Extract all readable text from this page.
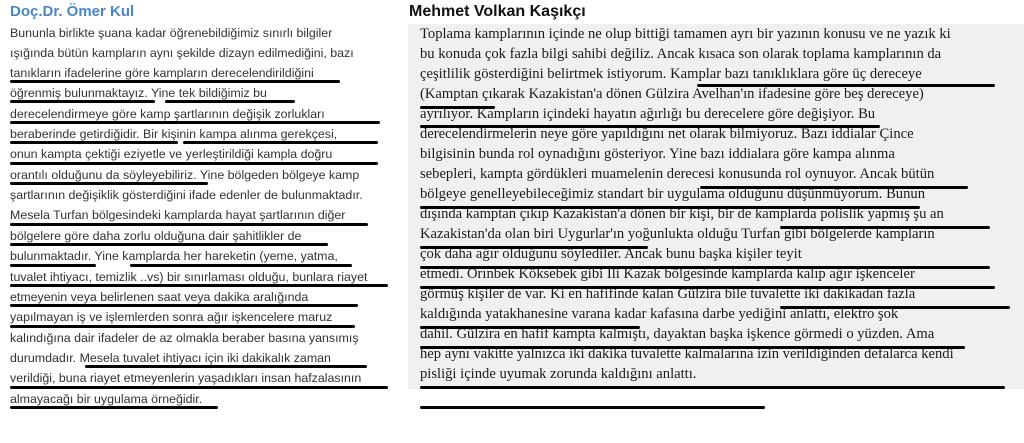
Doç.Dr. Ömer Kul
Bununla birlikte şuana kadar öğrenebildiğimiz sınırlı bilgiler
ışığında bütün kampların aynı şekilde dizayn edilmediğini, bazı
tanıkların ifadelerine göre kampların derecelendirildiğini
öğrenmiş bulunmaktayız. Yine tek bildiğimiz bu
derecelendirmeye göre kamp şartlarının değişik zorlukları
beraberinde getirdiğidir. Bir kişinin kampa alınma gerekçesi,
onun kampta çektiği eziyetle ve yerleştirildiği kampla doğru
orantılı olduğunu da söyleyebiliriz. Yine bölgeden bölgeye kamp
şartlarının değişiklik gösterdiğini ifade edenler de bulunmaktadır.
Mesela Turfan bölgesindeki kamplarda hayat şartlarının diğer
bölgelere göre daha zorlu olduğuna dair şahitlikler de
bulunmaktadır. Yine kamplarda her hareketin (yeme, yatma,
tuvalet ihtiyacı, temizlik ..vs) bir sınırlaması olduğu, bunlara riayet
etmeyenin veya belirlenen saat veya dakika aralığında
yapılmayan iş ve işlemlerden sonra ağır işkencelere maruz
kalındığına dair ifadeler de az olmakla beraber basına yansımış
durumdadır. Mesela tuvalet ihtiyacı için iki dakikalık zaman
verildiği, buna riayet etmeyenlerin yaşadıkları insan hafzalasının
almayacağı bir uygulama örneğidir.
Mehmet Volkan Kaşıkçı
Toplama kamplarının içinde ne olup bittiği tamamen ayrı bir yazının konusu ve ne yazık ki
bu konuda çok fazla bilgi sahibi değiliz. Ancak kısaca son olarak toplama kamplarının da
çeşitlilik gösterdiğini belirtmek istiyorum. Kamplar bazı tanıklıklara göre üç dereceye
(Kamptan çıkarak Kazakistan'a dönen Gülzira Avelhan'ın ifadesine göre beş dereceye)
ayrılıyor. Kampların içindeki hayatın ağırlığı bu derecelere göre değişiyor. Bu
derecelendirmelerin neye göre yapıldığını net olarak bilmiyoruz. Bazı iddialar Çince
bilgisinin bunda rol oynadığını gösteriyor. Yine bazı iddialara göre kampa alınma
sebepleri, kampta gördükleri muamelenin derecesi konusunda rol oynuyor. Ancak bütün
bölgeye genelleyebileceğimiz standart bir uygulama olduğunu düşünmüyorum. Bunun
dışında kamptan çıkıp Kazakistan'a dönen bir kişi, bir de kamplarda polislik yapmış şu an
Kazakistan'da olan biri Uygurlar'ın yoğunlukta olduğu Turfan gibi bölgelerde kampların
çok daha ağır olduğunu söylediler. Ancak bunu başka kişiler teyit
etmedi. Orınbek Köksebek gibi İli Kazak bölgesinde kamplarda kalıp ağır işkenceler
görmüş kişiler de var. Ki en hafifinde kalan Gülzira bile tuvalette iki dakikadan fazla
kaldığında yatakhanesine varana kadar kafasına darbe yediğini anlattı, elektro şok
dahil. Gülzira en hafif kampta kalmıştı, dayaktan başka işkence görmedi o yüzden. Ama
hep aynı vakitte yalnızca iki dakika tuvalette kalmalarına izin verildiğinden defalarca kendi
pisliği içinde uyumak zorunda kaldığını anlattı.
